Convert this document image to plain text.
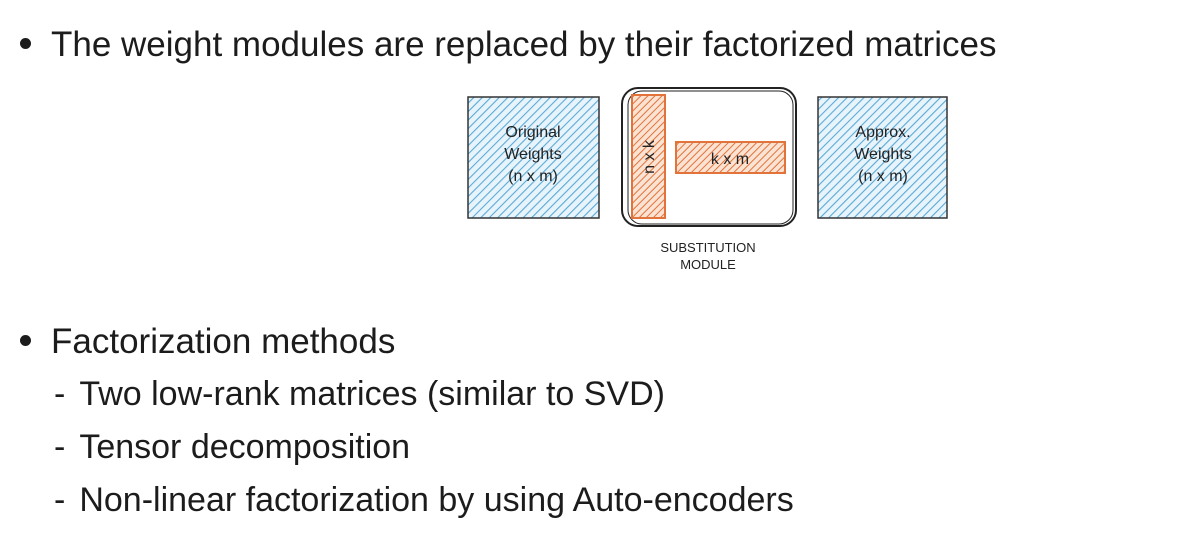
The weight modules are replaced by their factorized matrices
Original
Weights
(n x m)
n x k	k x m
SUBSTITUTION
MODULE
Approx.
Weights
(n x m)
Factorization methods
- Two low-rank matrices (similar to SVD)
- Tensor decomposition
- Non-linear factorization by using Auto-encoders
